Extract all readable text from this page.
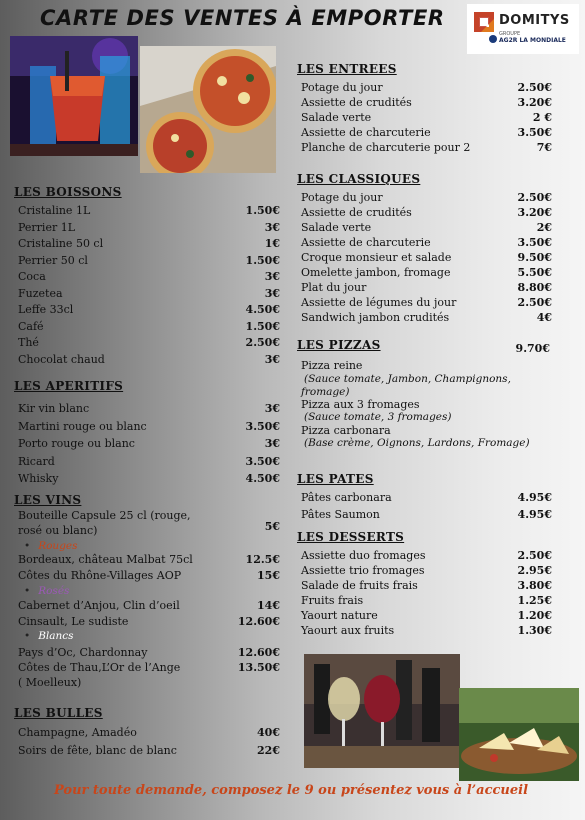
CARTE DES VENTES À EMPORTER	DOMITYS
GROUPE
AG2R LA MONDIALE
LES BOISSONS
Cristaline 1L	1.50€
Perrier 1L	3€
Cristaline 50 cl	1€
Perrier 50 cl	1.50€
Coca	3€
Fuzetea	3€
Leffe 33cl	4.50€
Café	1.50€
Thé	2.50€
Chocolat chaud	3€
LES APERITIFS
Kir vin blanc	3€
Martini rouge ou blanc	3.50€
Porto rouge ou blanc	3€
Ricard	3.50€
Whisky	4.50€
LES VINS
Bouteille Capsule 25 cl (rouge,
rosé ou blanc)	5€
• Rouges
Bordeaux, château Malbat 75cl	12.5€
Côtes du Rhône-Villages AOP	15€
• Rosés
Cabernet d’Anjou, Clin d’oeil	14€
Cinsault, Le sudiste	12.60€
• Blancs
Pays d’Oc, Chardonnay	12.60€
Côtes de Thau,L’Or de l’Ange
( Moelleux)
13.50€
LES BULLES
Champagne, Amadéo	40€
Soirs de fête, blanc de blanc	22€
LES ENTREES
Potage du jour	2.50€
Assiette de crudités	3.20€
Salade verte	2 €
Assiette de charcuterie	3.50€
Planche de charcuterie pour 2	7€
LES CLASSIQUES
Potage du jour	2.50€
Assiette de crudités	3.20€
Salade verte	2€
Assiette de charcuterie	3.50€
Croque monsieur et salade	9.50€
Omelette jambon, fromage	5.50€
Plat du jour	8.80€
Assiette de légumes du jour	2.50€
Sandwich jambon crudités	4€
LES PIZZAS	9.70€
Pizza reine
(Sauce tomate, Jambon, Champignons,
fromage)
Pizza aux 3 fromages
(Sauce tomate, 3 fromages)
Pizza carbonara
(Base crème, Oignons, Lardons, Fromage)
LES PATES
Pâtes carbonara	4.95€
Pâtes Saumon	4.95€
LES DESSERTS
Assiette duo fromages	2.50€
Assiette trio fromages	2.95€
Salade de fruits frais	3.80€
Fruits frais	1.25€
Yaourt nature	1.20€
Yaourt aux fruits	1.30€
Pour toute demande, composez le 9 ou présentez vous à l’accueil
